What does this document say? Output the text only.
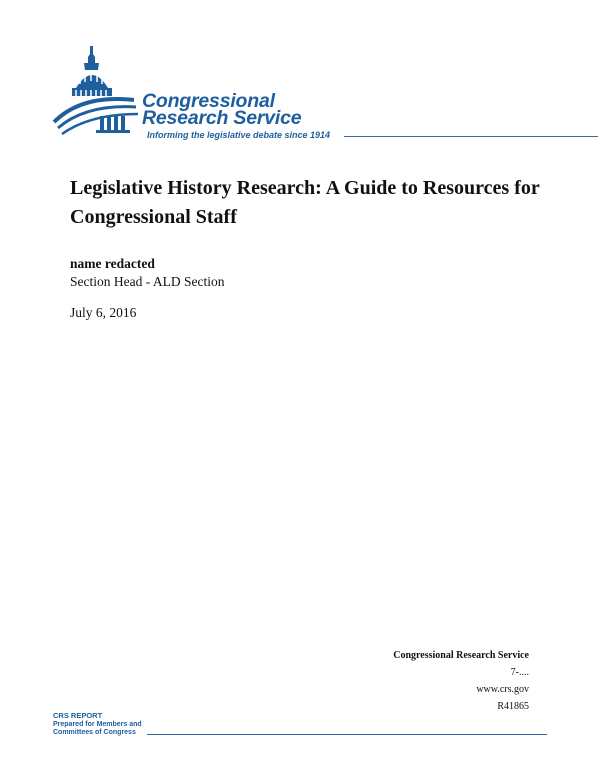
Congressional
Research Service
Informing the legislative debate since 1914
Legislative History Research: A Guide to Resources for Congressional Staff
name redacted
Section Head - ALD Section
July 6, 2016
Congressional Research Service
7-....
www.crs.gov
R41865
CRS REPORT
Prepared for Members and
Committees of Congress
